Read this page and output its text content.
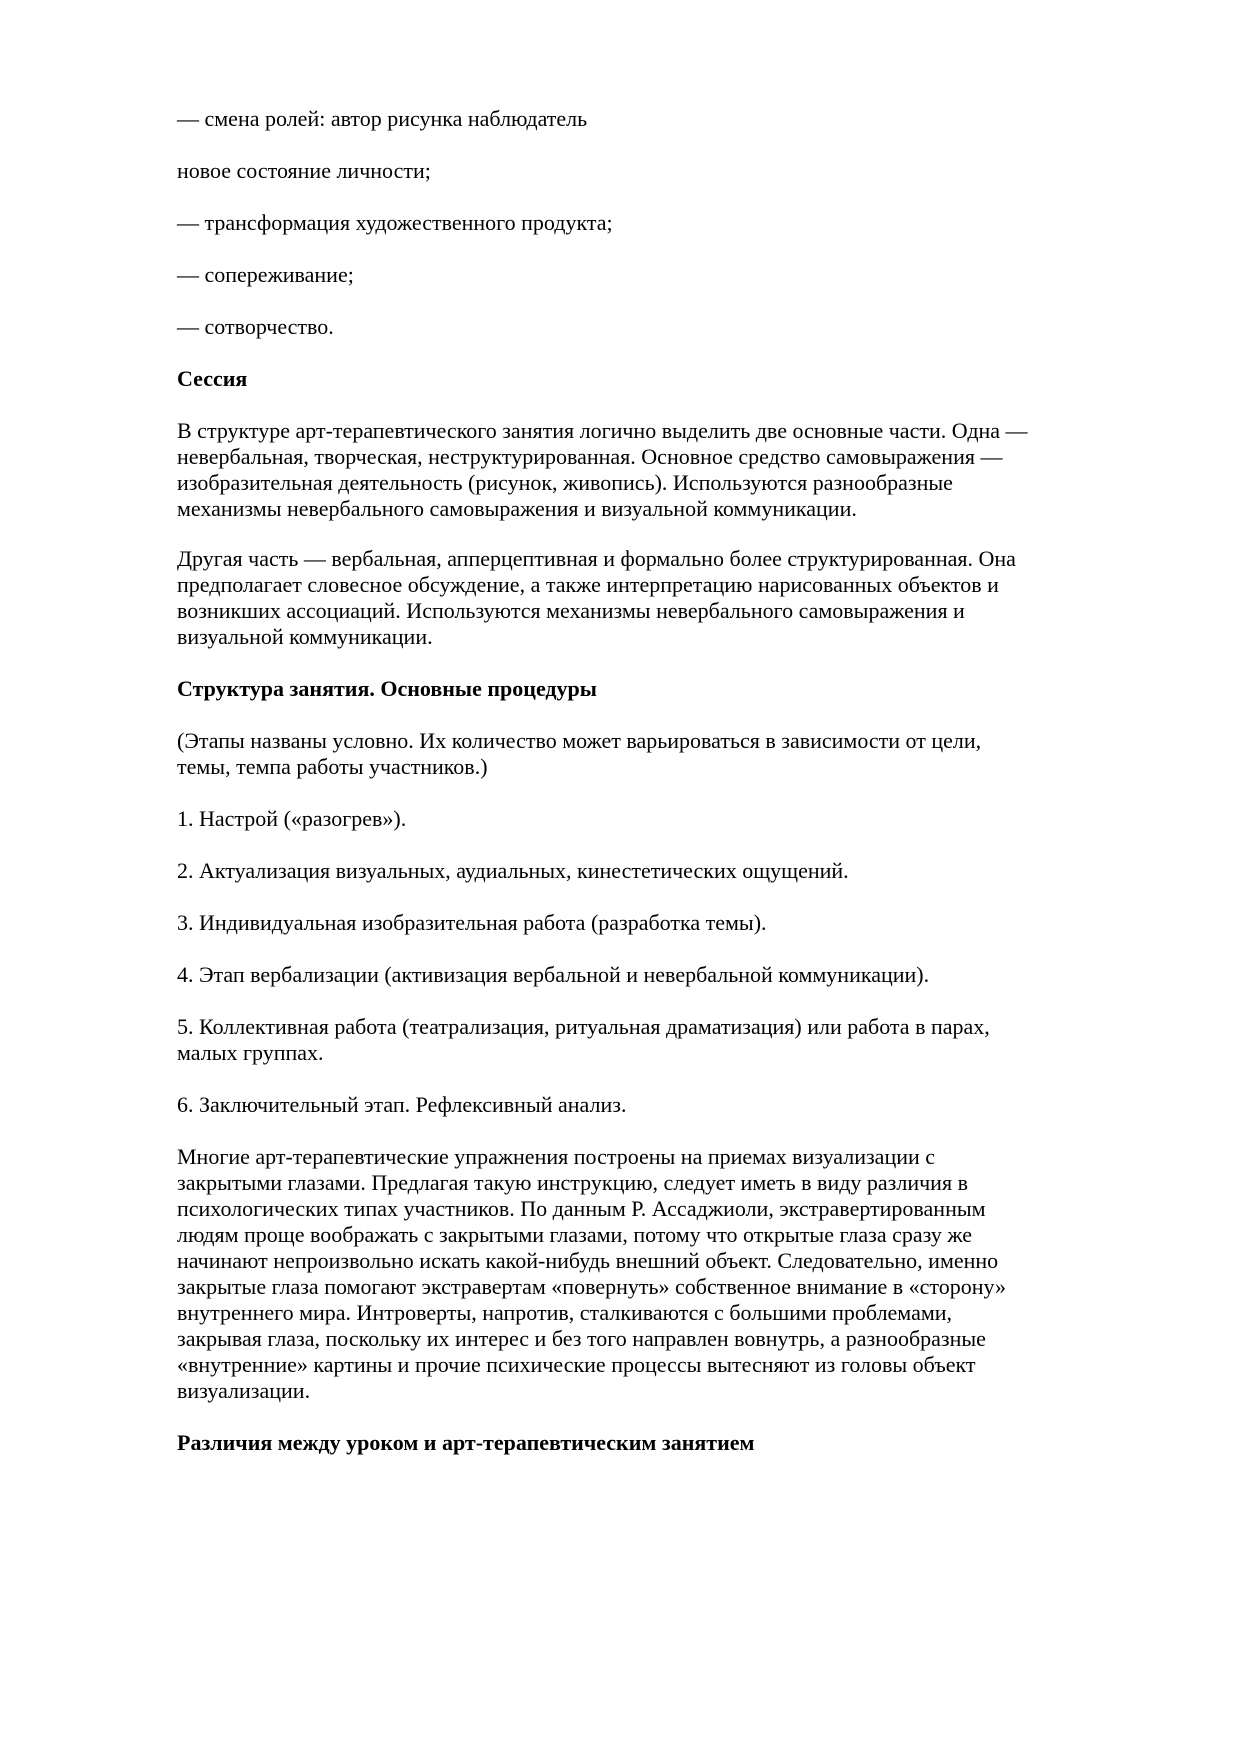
— смена ролей: автор рисунка наблюдатель
новое состояние личности;
— трансформация художественного продукта;
— сопереживание;
— сотворчество.
Сессия
В структуре арт-терапевтического занятия логично выделить две основные части. Одна —
невербальная, творческая, неструктурированная. Основное средство самовыражения —
изобразительная деятельность (рисунок, живопись). Используются разнообразные
механизмы невербального самовыражения и визуальной коммуникации.
Другая часть — вербальная, апперцептивная и формально более структурированная. Она
предполагает словесное обсуждение, а также интерпретацию нарисованных объектов и
возникших ассоциаций. Используются механизмы невербального самовыражения и
визуальной коммуникации.
Структура занятия. Основные процедуры
(Этапы названы условно. Их количество может варьироваться в зависимости от цели,
темы, темпа работы участников.)
1. Настрой («разогрев»).
2. Актуализация визуальных, аудиальных, кинестетических ощущений.
3. Индивидуальная изобразительная работа (разработка темы).
4. Этап вербализации (активизация вербальной и невербальной коммуникации).
5. Коллективная работа (театрализация, ритуальная драматизация) или работа в парах,
малых группах.
6. Заключительный этап. Рефлексивный анализ.
Многие арт-терапевтические упражнения построены на приемах визуализации с
закрытыми глазами. Предлагая такую инструкцию, следует иметь в виду различия в
психологических типах участников. По данным Р. Ассаджиоли, экстравертированным
людям проще воображать с закрытыми глазами, потому что открытые глаза сразу же
начинают непроизвольно искать какой-нибудь внешний объект. Следовательно, именно
закрытые глаза помогают экстравертам «повернуть» собственное внимание в «сторону»
внутреннего мира. Интроверты, напротив, сталкиваются с большими проблемами,
закрывая глаза, поскольку их интерес и без того направлен вовнутрь, а разнообразные
«внутренние» картины и прочие психические процессы вытесняют из головы объект
визуализации.
Различия между уроком и арт-терапевтическим занятием
